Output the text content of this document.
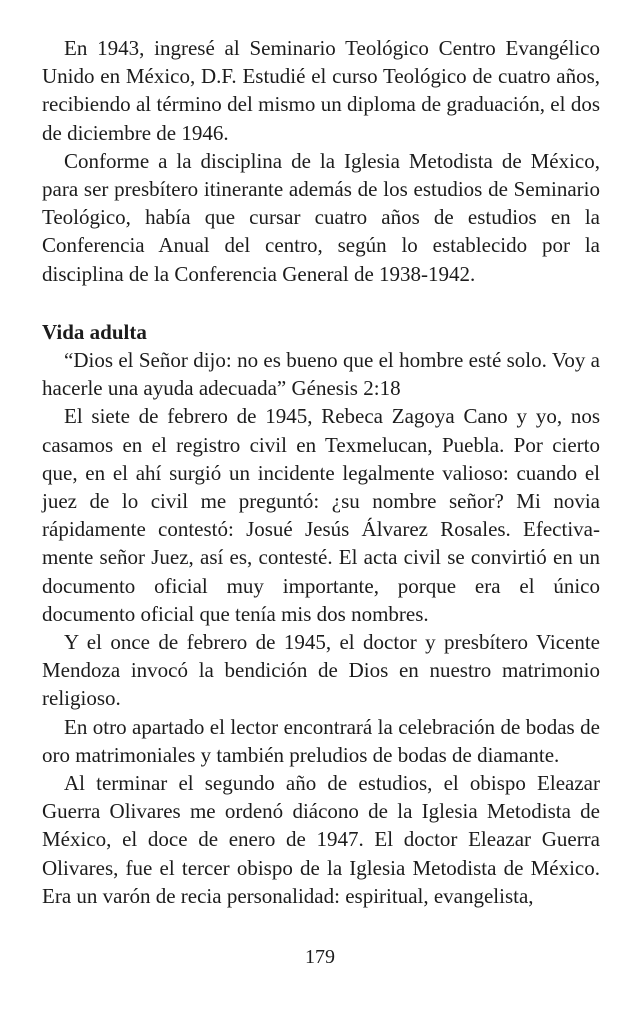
En 1943, ingresé al Seminario Teológico Centro Evangélico Unido en México, D.F. Estudié el curso Teológico de cuatro años, recibiendo al término del mismo un diploma de graduación, el dos de diciembre de 1946.

Conforme a la disciplina de la Iglesia Metodista de México, para ser presbítero itinerante además de los estudios de Seminario Teológico, había que cursar cuatro años de estudios en la Conferencia Anual del centro, según lo establecido por la disciplina de la Conferencia General de 1938-1942.

Vida adulta

“Dios el Señor dijo: no es bueno que el hombre esté solo. Voy a hacerle una ayuda adecuada” Génesis 2:18

El siete de febrero de 1945, Rebeca Zagoya Cano y yo, nos casamos en el registro civil en Texmelucan, Puebla. Por cierto que, en el ahí surgió un incidente legalmente valioso: cuando el juez de lo civil me preguntó: ¿su nombre señor? Mi novia rápidamente contestó: Josué Jesús Álvarez Rosales. Efectivamente señor Juez, así es, contesté. El acta civil se convirtió en un documento oficial muy importante, porque era el único documento oficial que tenía mis dos nombres.

Y el once de febrero de 1945, el doctor y presbítero Vicente Mendoza invocó la bendición de Dios en nuestro matrimonio religioso.

En otro apartado el lector encontrará la celebración de bodas de oro matrimoniales y también preludios de bodas de diamante.

Al terminar el segundo año de estudios, el obispo Eleazar Guerra Olivares me ordenó diácono de la Iglesia Metodista de México, el doce de enero de 1947. El doctor Eleazar Guerra Olivares, fue el tercer obispo de la Iglesia Metodista de México. Era un varón de recia personalidad: espiritual, evangelista,

179
